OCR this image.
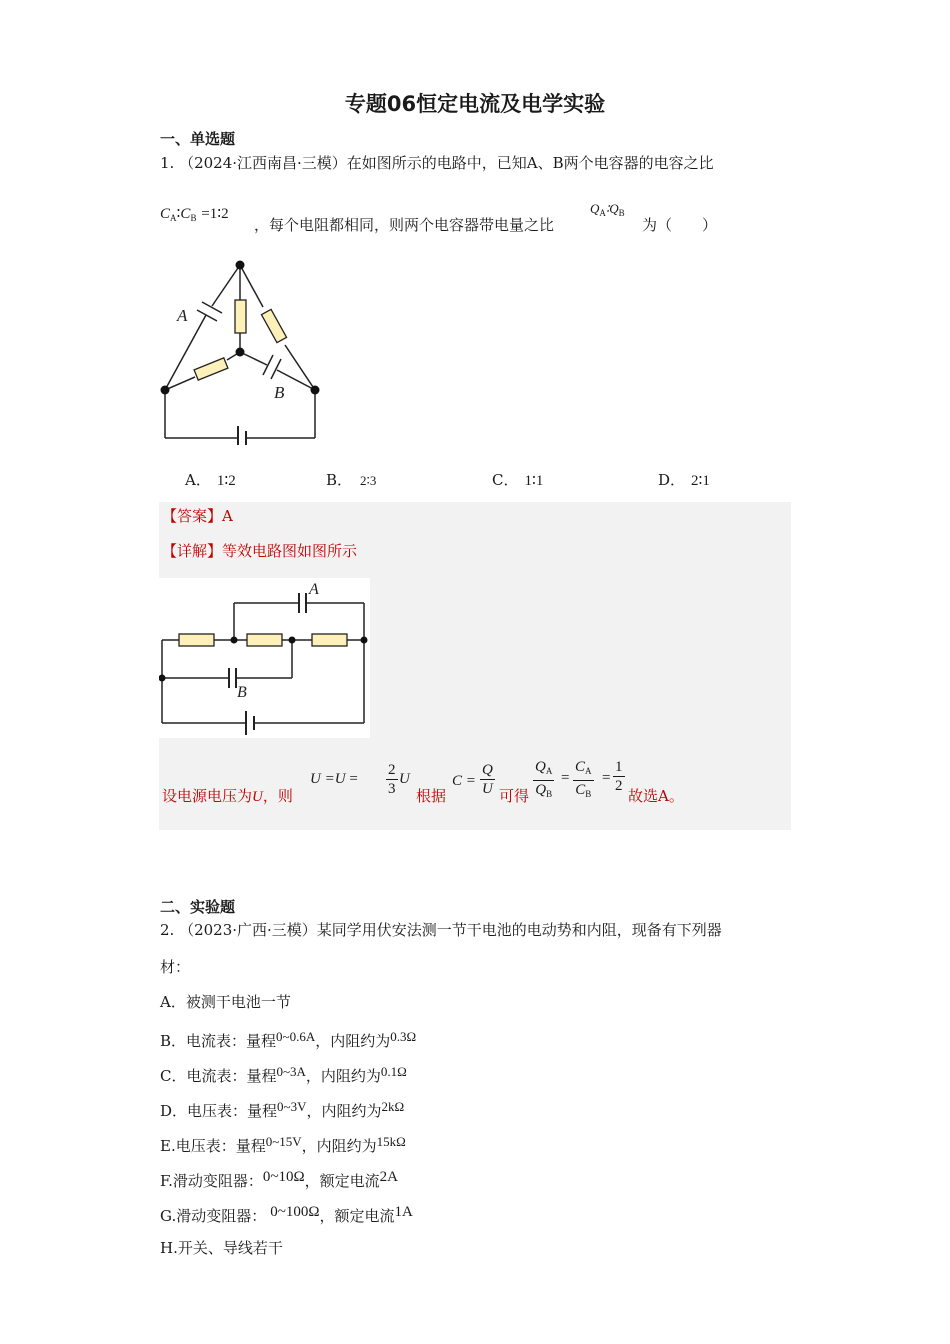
专题06恒定电流及电学实验
一、单选题
1. （2024·江西南昌·三模）在如图所示的电路中，已知A、B两个电容器的电容之比
$C_A∶C_B$ =1∶2
，每个电阻都相同，则两个电容器带电量之比
$Q_A∶Q_B$
为（　　）
A
B
A． 1∶2	B． 2∶3	C． 1∶1	D． 2∶1
【答案】A
【详解】等效电路图如图所示
A
B
设电源电压为U，则
$U =U = \frac{2}{3}$ U
根据
$C = \frac{Q}{U}$ 可得 $\frac{Q_A}{Q_B} = \frac{C_A}{C_B} = \frac{1}{2}$
故选A。
二、实验题
2. （2023·广西·三模）某同学用伏安法测一节干电池的电动势和内阻，现备有下列器
材：
A．被测干电池一节
B．电流表：量程0~0.6A，内阻约为0.3Ω
C．电流表：量程0~3A，内阻约为0.1Ω
D．电压表：量程0~3V，内阻约为2kΩ
E.电压表：量程0~15V，内阻约为15kΩ
F.滑动变阻器：0~10Ω，额定电流2A
G.滑动变阻器： 0~100Ω，额定电流1A
H.开关、导线若干
